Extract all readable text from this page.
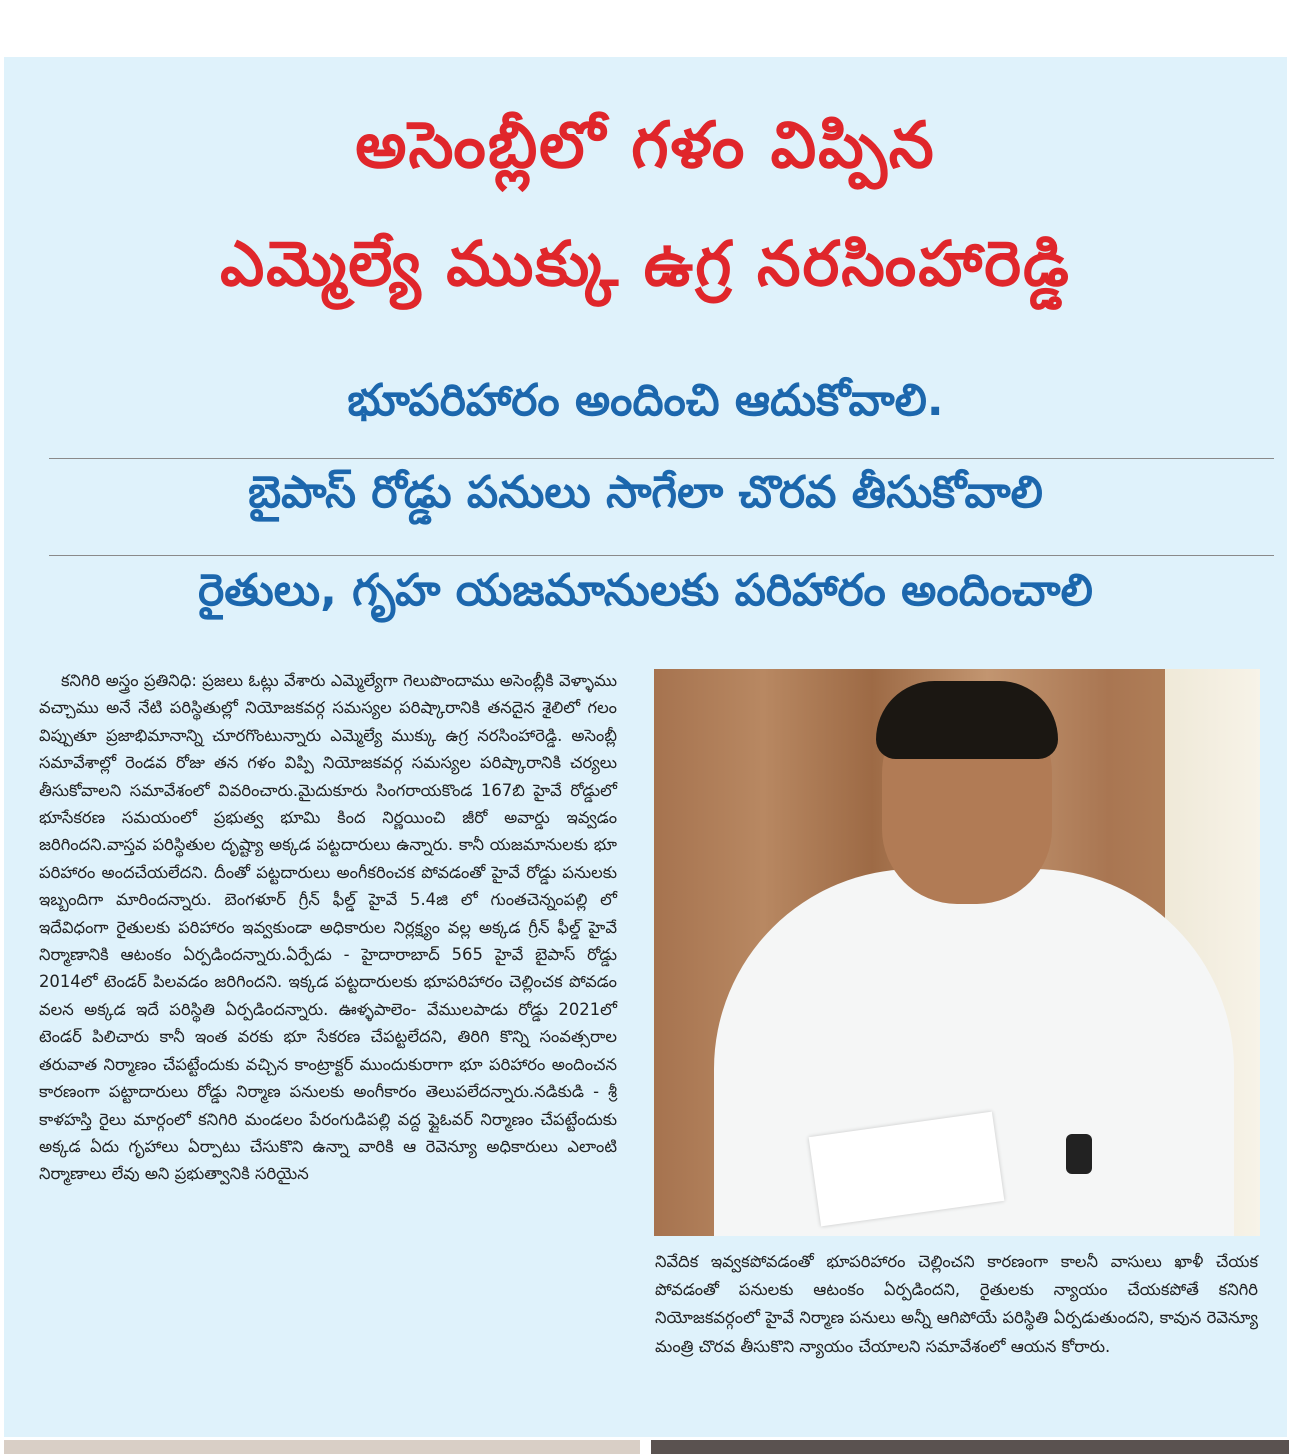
అసెంబ్లీలో గళం విప్పిన
ఎమ్మెల్యే ముక్కు ఉగ్ర నరసింహారెడ్డి
భూపరిహారం అందించి ఆదుకోవాలి.
బైపాస్ రోడ్డు పనులు సాగేలా చొరవ తీసుకోవాలి
రైతులు, గృహ యజమానులకు పరిహారం అందించాలి

కనిగిరి అస్త్రం ప్రతినిధి: ప్రజలు ఓట్లు వేశారు ఎమ్మెల్యేగా గెలుపొందాము అసెంబ్లీకి వెళ్ళాము వచ్చాము అనే నేటి పరిస్థితుల్లో నియోజకవర్గ సమస్యల పరిష్కారానికి తనదైన శైలిలో గలం విప్పుతూ ప్రజాభిమానాన్ని చూరగొంటున్నారు ఎమ్మెల్యే ముక్కు ఉగ్ర నరసింహారెడ్డి. అసెంబ్లీ సమావేశాల్లో రెండవ రోజు తన గళం విప్పి నియోజకవర్గ సమస్యల పరిష్కారానికి చర్యలు తీసుకోవాలని సమావేశంలో వివరించారు.మైదుకూరు సింగరాయకొండ 167బి హైవే రోడ్డులో భూసేకరణ సమయంలో ప్రభుత్వ భూమి కింద నిర్ణయించి జీరో అవార్డు ఇవ్వడం జరిగిందని.వాస్తవ పరిస్థితుల దృష్ట్యా అక్కడ పట్టదారులు ఉన్నారు. కానీ యజమానులకు భూ పరిహారం అందచేయలేదని. దీంతో పట్టదారులు అంగీకరించక పోవడంతో హైవే రోడ్డు పనులకు ఇబ్బందిగా మారిందన్నారు. బెంగళూర్ గ్రీన్ ఫీల్డ్ హైవే 5.4జి లో గుంతచెన్నంపల్లి లో ఇదేవిధంగా రైతులకు పరిహారం ఇవ్వకుండా అధికారుల నిర్లక్ష్యం వల్ల అక్కడ గ్రీన్ ఫీల్డ్ హైవే నిర్మాణానికి ఆటంకం ఏర్పడిందన్నారు.ఏర్పేడు - హైదారాబాద్ 565 హైవే బైపాస్ రోడ్డు 2014లో టెండర్ పిలవడం జరిగిందని. ఇక్కడ పట్టదారులకు భూపరిహారం చెల్లించక పోవడం వలన అక్కడ ఇదే పరిస్థితి ఏర్పడిందన్నారు. ఊళ్ళపాలెం- వేములపాడు రోడ్డు 2021లో టెండర్ పిలిచారు కానీ ఇంత వరకు భూ సేకరణ చేపట్టలేదని, తిరిగి కొన్ని సంవత్సరాల తరువాత నిర్మాణం చేపట్టేందుకు వచ్చిన కాంట్రాక్టర్ ముందుకురాగా భూ పరిహారం అందించన కారణంగా పట్టాదారులు రోడ్డు నిర్మాణ పనులకు అంగీకారం తెలుపలేదన్నారు.నడికుడి - శ్రీ కాళహస్తి రైలు మార్గంలో కనిగిరి మండలం పేరంగుడిపల్లి వద్ద ఫ్లైఓవర్ నిర్మాణం చేపట్టేందుకు అక్కడ ఏదు గృహాలు ఏర్పాటు చేసుకొని ఉన్నా వారికి ఆ రెవెన్యూ అధికారులు ఎలాంటి నిర్మాణాలు లేవు అని ప్రభుత్వానికి సరియైన

నివేదిక ఇవ్వకపోవడంతో భూపరిహారం చెల్లించని కారణంగా కాలనీ వాసులు ఖాళీ చేయక పోవడంతో పనులకు ఆటంకం ఏర్పడిందని, రైతులకు న్యాయం చేయకపోతే కనిగిరి నియోజకవర్గంలో హైవే నిర్మాణ పనులు అన్నీ ఆగిపోయే పరిస్థితి ఏర్పడుతుందని, కావున రెవెన్యూ మంత్రి చొరవ తీసుకొని న్యాయం చేయాలని సమావేశంలో ఆయన కోరారు.
